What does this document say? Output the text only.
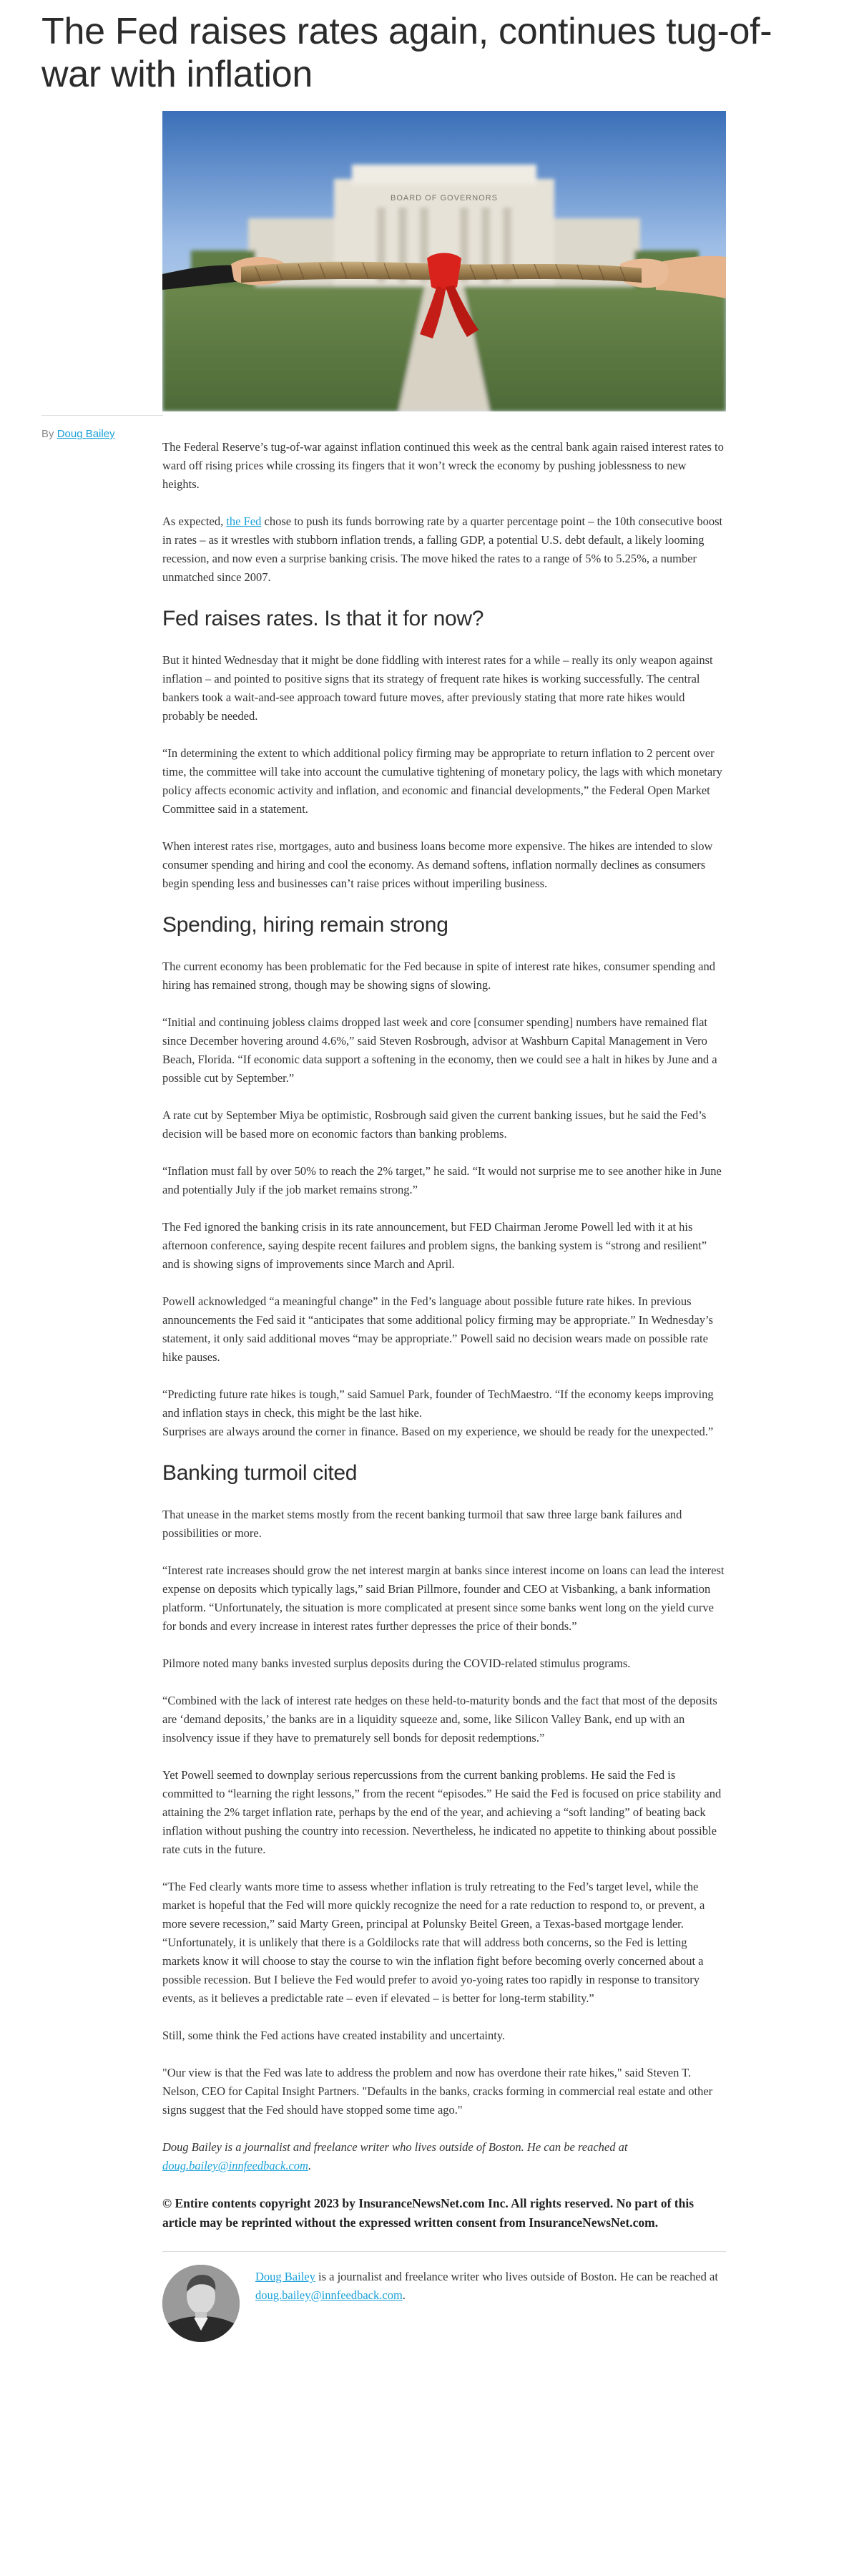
The Fed raises rates again, continues tug-of-war with inflation
BOARD OF GOVERNORS
By Doug Bailey

The Federal Reserve’s tug-of-war against inflation continued this week as the central bank again raised interest rates to ward off rising prices while crossing its fingers that it won’t wreck the economy by pushing joblessness to new heights.

As expected, the Fed chose to push its funds borrowing rate by a quarter percentage point – the 10th consecutive boost in rates – as it wrestles with stubborn inflation trends, a falling GDP, a potential U.S. debt default, a likely looming recession, and now even a surprise banking crisis. The move hiked the rates to a range of 5% to 5.25%, a number unmatched since 2007.

Fed raises rates. Is that it for now?

But it hinted Wednesday that it might be done fiddling with interest rates for a while – really its only weapon against inflation – and pointed to positive signs that its strategy of frequent rate hikes is working successfully. The central bankers took a wait-and-see approach toward future moves, after previously stating that more rate hikes would probably be needed.

“In determining the extent to which additional policy firming may be appropriate to return inflation to 2 percent over time, the committee will take into account the cumulative tightening of monetary policy, the lags with which monetary policy affects economic activity and inflation, and economic and financial developments,” the Federal Open Market Committee said in a statement.

When interest rates rise, mortgages, auto and business loans become more expensive. The hikes are intended to slow consumer spending and hiring and cool the economy. As demand softens, inflation normally declines as consumers begin spending less and businesses can’t raise prices without imperiling business.

Spending, hiring remain strong

The current economy has been problematic for the Fed because in spite of interest rate hikes, consumer spending and hiring has remained strong, though may be showing signs of slowing.

“Initial and continuing jobless claims dropped last week and core [consumer spending] numbers have remained flat since December hovering around 4.6%,” said Steven Rosbrough, advisor at Washburn Capital Management in Vero Beach, Florida. “If economic data support a softening in the economy, then we could see a halt in hikes by June and a possible cut by September.”

A rate cut by September Miya be optimistic, Rosbrough said given the current banking issues, but he said the Fed’s decision will be based more on economic factors than banking problems.

“Inflation must fall by over 50% to reach the 2% target,” he said. “It would not surprise me to see another hike in June and potentially July if the job market remains strong.”

The Fed ignored the banking crisis in its rate announcement, but FED Chairman Jerome Powell led with it at his afternoon conference, saying despite recent failures and problem signs, the banking system is “strong and resilient” and is showing signs of improvements since March and April.

Powell acknowledged “a meaningful change” in the Fed’s language about possible future rate hikes. In previous announcements the Fed said it “anticipates that some additional policy firming may be appropriate.” In Wednesday’s statement, it only said additional moves “may be appropriate.” Powell said no decision wears made on possible rate hike pauses.

“Predicting future rate hikes is tough,” said Samuel Park, founder of TechMaestro. “If the economy keeps improving and inflation stays in check, this might be the last hike.
Surprises are always around the corner in finance. Based on my experience, we should be ready for the unexpected.”

Banking turmoil cited

That unease in the market stems mostly from the recent banking turmoil that saw three large bank failures and possibilities or more.

“Interest rate increases should grow the net interest margin at banks since interest income on loans can lead the interest expense on deposits which typically lags,” said Brian Pillmore, founder and CEO at Visbanking, a bank information platform. “Unfortunately, the situation is more complicated at present since some banks went long on the yield curve for bonds and every increase in interest rates further depresses the price of their bonds.”

Pilmore noted many banks invested surplus deposits during the COVID-related stimulus programs.

“Combined with the lack of interest rate hedges on these held-to-maturity bonds and the fact that most of the deposits are ‘demand deposits,’ the banks are in a liquidity squeeze and, some, like Silicon Valley Bank, end up with an insolvency issue if they have to prematurely sell bonds for deposit redemptions.”

Yet Powell seemed to downplay serious repercussions from the current banking problems. He said the Fed is committed to “learning the right lessons,” from the recent “episodes.” He said the Fed is focused on price stability and attaining the 2% target inflation rate, perhaps by the end of the year, and achieving a “soft landing” of beating back inflation without pushing the country into recession. Nevertheless, he indicated no appetite to thinking about possible rate cuts in the future.

“The Fed clearly wants more time to assess whether inflation is truly retreating to the Fed’s target level, while the market is hopeful that the Fed will more quickly recognize the need for a rate reduction to respond to, or prevent, a more severe recession,” said Marty Green, principal at Polunsky Beitel Green, a Texas-based mortgage lender. “Unfortunately, it is unlikely that there is a Goldilocks rate that will address both concerns, so the Fed is letting markets know it will choose to stay the course to win the inflation fight before becoming overly concerned about a possible recession. But I believe the Fed would prefer to avoid yo-yoing rates too rapidly in response to transitory events, as it believes a predictable rate – even if elevated – is better for long-term stability.”

Still, some think the Fed actions have created instability and uncertainty.

"Our view is that the Fed was late to address the problem and now has overdone their rate hikes," said Steven T. Nelson, CEO for Capital Insight Partners. "Defaults in the banks, cracks forming in commercial real estate and other signs suggest that the Fed should have stopped some time ago."

Doug Bailey is a journalist and freelance writer who lives outside of Boston. He can be reached at doug.bailey@innfeedback.com.

© Entire contents copyright 2023 by InsuranceNewsNet.com Inc. All rights reserved. No part of this article may be reprinted without the expressed written consent from InsuranceNewsNet.com.

Doug Bailey is a journalist and freelance writer who lives outside of Boston. He can be reached at doug.bailey@innfeedback.com.
